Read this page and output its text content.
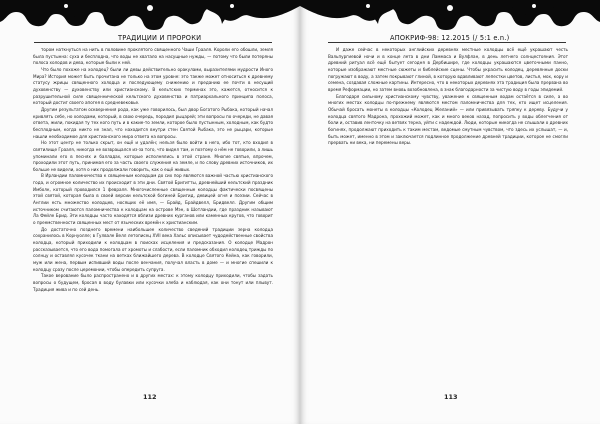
ТРАДИЦИИ И ПРОРОКИ

тором наткнуться на нить в половине проклятого священного Чаши Грааля. Короли его обошли, земля была пустынна: суха и бесплодна, что воды не хватало на насущные нужды, — потому что были потеряны полоса холодов и дева, которые были к ней.

Что было похоже на холодец? были ли девы действительно оракулами, выразителями мудрости Иного Мира? История может быть прочитана не только на этом уровне: это также может относиться к древнему статусу жрицы священного холодца и последующему снижению и преданию ее почти в несущий духовенству — духовенству или христианскому. В кельтских терминах это, кажется, относится к разрушительной силе священнической кельтского духовенства и патриархального принципа полоса, который достиг своего апогея в средневековье.

Другим результатом осквернения рода, как уже говорилось, был двор Богатого Рыбака, который начал кривлять себе, но холодами, который, в свою очередь, породил рыцарей; эти вопросы по очереди, не давая ответа, жили, покидая ту тех кого путь и в какие-то земли, которое было пустынным, холодным, как будто бесплодным, когда никто не знал, что находится внутри стен Святой Рыбака, это не рыцари, которые нашли необходимое для христианского мира ответа на вопросы.

Но этот центр не только скрыт, он ещё и удалён; нельзя было войти в него, ибо тот, кто входил в святилище Грааля, никогда не возвращался из-за того, что видел там, и поэтому о нём не говорили, а лишь упоминали его в песнях и балладах, которые исполнялись в этой стране. Многие святые, впрочем, проходили этот путь, принимая его за часть своего служения на земле, и по слову древних источников, их больше не видели, хотя о них продолжали говорить, как о ещё живых.

В Ирландии паломничества к священным колодцам до сих пор являются важной частью христианского года, и огромное количество их происходит в эти дни. Святой Бригитты, древнейший кельтский праздник Имболк, который проводился 1 февраля. Многочисленные священные колодцы фактически посвящены этой святой, которая была в своей версии кельтской богиней Бригид, девицей огня и поэзии. Сейчас в Англии есть множество колодцев, носящих её имя, — Брайд, Брайдвелл, Бридвелл. Другим общим источником считаются паломничества к колодцам на острове Мэн, в Шотландии, где праздник называют Ла Фейле Брид. Эти колодцы часто находятся вблизи древних курганов или каменных кругов, что говорит о преемственности священных мест от языческих времён к христианским.

До достаточно позднего времени наибольшее количество сведений традиции зерна колодца сохранилось в Корнуолле; в Гулвале Велл летописец XVII века Хальс описывает чудодейственные свойства колодца, который приходили к колодцам в поисках исцеления и предсказания. О колодце Мадрон рассказывается, что его вода помогала от хромоты и слабости, если паломник обходил колодец трижды по солнцу и оставлял кусочек ткани на ветках ближайшего дерева. В колодце Святого Кейна, как говорили, муж или жена, первым испивший воды после венчания, получал власть в доме — и многие спешили к колодцу сразу после церемонии, чтобы опередить супруга.

Такое верование было распространено и в других местах: к этому колодцу приходили, чтобы задать вопросы о будущем, бросая в воду булавки или кусочки хлеба и наблюдая, как они тонут или плывут. Традиция жива и по сей день.

112
АПОКРИФ-98: 12.2015 (/ 5:1 e.n.)

И даже сейчас в некоторых английских деревнях местные колодцы всё ещё украшают честь Вальпургиевой ночи и в конце лета в дни Ламмаса и Вулфлан, в день летнего солнцестояния. Этот древний ритуал всё ещё бытует сегодня в Дербишире, где колодцы украшаются цветочными панно, которые изображают местные сюжеты и библейские сцены. Чтобы украсить колодец, деревянные доски погружают в воду, а затем покрывают глиной, в которую вдавливают лепестки цветов, листья, мох, кору и семена, создавая сложные картины. Интересно, что в некоторых деревнях эта традиция была прервана во время Реформации, но затем вновь возобновлена, в знак благодарности за чистую воду в годы эпидемий.

Благодаря сильному христианскому чувству, уважение к священным водам остаётся в силе, а во многих местах колодцы по-прежнему являются местом паломничества для тех, кто ищет исцеления. Обычай бросать монеты в колодцы «Колодец Желаний» — или привязывать тряпку к дереву. Будучи у колодца святого Мадрона, прохожий может, как и много веков назад, попросить у воды облегчения от боли и, оставив ленточку на ветвях терна, уйти с надеждой. Люди, которые никогда не слышали о древних богинях, продолжают приходить к таким местам, ведомые смутным чувством, что здесь их услышат, — и, быть может, именно в этом и заключается подлинное продолжение древней традиции, которое не смогли прервать ни века, ни перемены веры.

113
